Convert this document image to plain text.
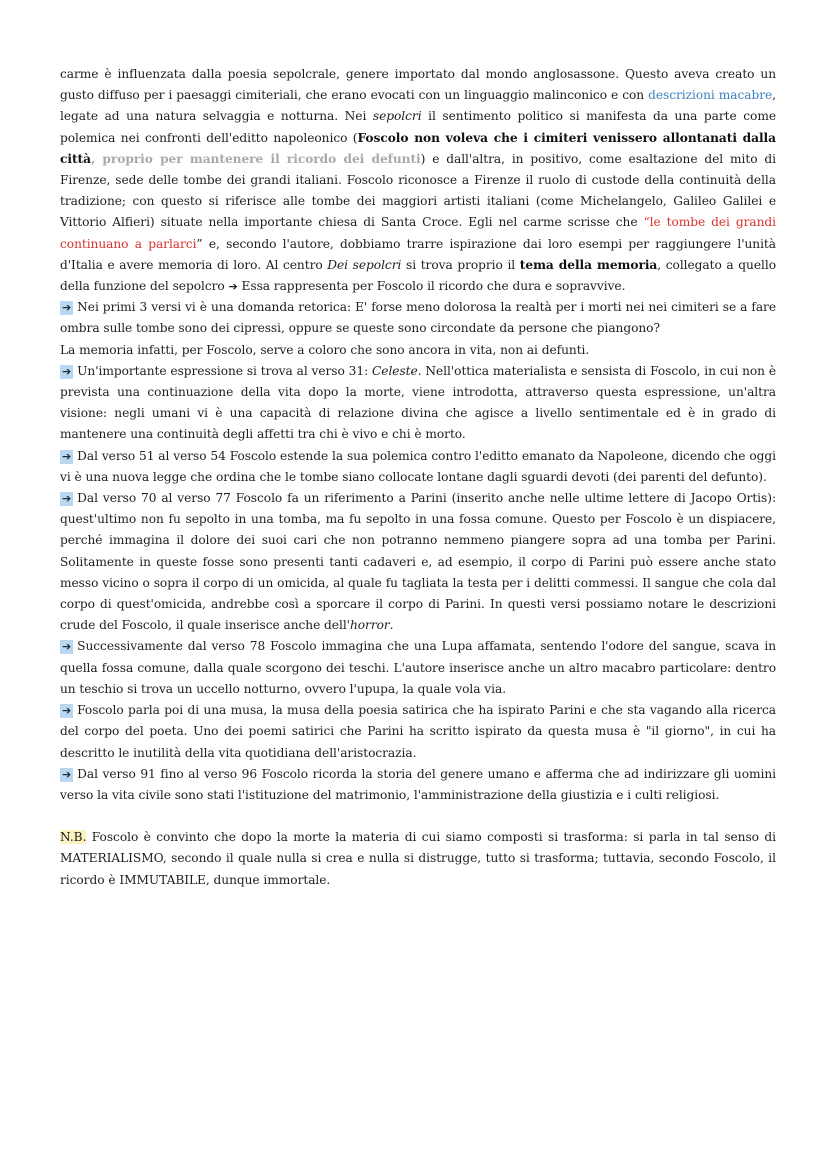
carme è influenzata dalla poesia sepolcrale, genere importato dal mondo anglosassone. Questo aveva creato un gusto diffuso per i paesaggi cimiteriali, che erano evocati con un linguaggio malinconico e con descrizioni macabre, legate ad una natura selvaggia e notturna. Nei sepolcri il sentimento politico si manifesta da una parte come polemica nei confronti dell'editto napoleonico (Foscolo non voleva che i cimiteri venissero allontanati dalla città, proprio per mantenere il ricordo dei defunti) e dall'altra, in positivo, come esaltazione del mito di Firenze, sede delle tombe dei grandi italiani. Foscolo riconosce a Firenze il ruolo di custode della continuità della tradizione; con questo si riferisce alle tombe dei maggiori artisti italiani (come Michelangelo, Galileo Galilei e Vittorio Alfieri) situate nella importante chiesa di Santa Croce. Egli nel carme scrisse che “le tombe dei grandi continuano a parlarci” e, secondo l'autore, dobbiamo trarre ispirazione dai loro esempi per raggiungere l'unità d'Italia e avere memoria di loro. Al centro Dei sepolcri si trova proprio il tema della memoria, collegato a quello della funzione del sepolcro ➔ Essa rappresenta per Foscolo il ricordo che dura e sopravvive.

➔ Nei primi 3 versi vi è una domanda retorica: E' forse meno dolorosa la realtà per i morti nei nei cimiteri se a fare ombra sulle tombe sono dei cipressi, oppure se queste sono circondate da persone che piangono?
La memoria infatti, per Foscolo, serve a coloro che sono ancora in vita, non ai defunti.

➔ Un'importante espressione si trova al verso 31: Celeste. Nell'ottica materialista e sensista di Foscolo, in cui non è prevista una continuazione della vita dopo la morte, viene introdotta, attraverso questa espressione, un'altra visione: negli umani vi è una capacità di relazione divina che agisce a livello sentimentale ed è in grado di mantenere una continuità degli affetti tra chi è vivo e chi è morto.

➔ Dal verso 51 al verso 54 Foscolo estende la sua polemica contro l'editto emanato da Napoleone, dicendo che oggi vi è una nuova legge che ordina che le tombe siano collocate lontane dagli sguardi devoti (dei parenti del defunto).

➔ Dal verso 70 al verso 77 Foscolo fa un riferimento a Parini (inserito anche nelle ultime lettere di Jacopo Ortis): quest'ultimo non fu sepolto in una tomba, ma fu sepolto in una fossa comune. Questo per Foscolo è un dispiacere, perché immagina il dolore dei suoi cari che non potranno nemmeno piangere sopra ad una tomba per Parini. Solitamente in queste fosse sono presenti tanti cadaveri e, ad esempio, il corpo di Parini può essere anche stato messo vicino o sopra il corpo di un omicida, al quale fu tagliata la testa per i delitti commessi. Il sangue che cola dal corpo di quest'omicida, andrebbe così a sporcare il corpo di Parini. In questi versi possiamo notare le descrizioni crude del Foscolo, il quale inserisce anche dell'horror.

➔ Successivamente dal verso 78 Foscolo immagina che una Lupa affamata, sentendo l'odore del sangue, scava in quella fossa comune, dalla quale scorgono dei teschi. L'autore inserisce anche un altro macabro particolare: dentro un teschio si trova un uccello notturno, ovvero l'upupa, la quale vola via.

➔ Foscolo parla poi di una musa, la musa della poesia satirica che ha ispirato Parini e che sta vagando alla ricerca del corpo del poeta. Uno dei poemi satirici che Parini ha scritto ispirato da questa musa è "il giorno", in cui ha descritto le inutilità della vita quotidiana dell'aristocrazia.

➔ Dal verso 91 fino al verso 96 Foscolo ricorda la storia del genere umano e afferma che ad indirizzare gli uomini verso la vita civile sono stati l'istituzione del matrimonio, l'amministrazione della giustizia e i culti religiosi.

N.B. Foscolo è convinto che dopo la morte la materia di cui siamo composti si trasforma: si parla in tal senso di MATERIALISMO, secondo il quale nulla si crea e nulla si distrugge, tutto si trasforma; tuttavia, secondo Foscolo, il ricordo è IMMUTABILE, dunque immortale.
